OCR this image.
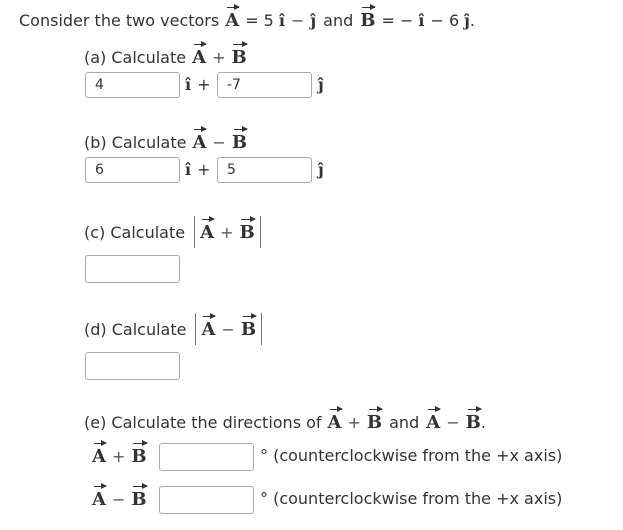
Consider the two vectors A = 5 î − ĵ and B = − î − 6 ĵ .
(a) Calculate A + B
4	î +	-7	ĵ
(b) Calculate A − B
6	î +	5	ĵ
(c) Calculate A + B
(d) Calculate A − B
(e) Calculate the directions of A + B and A − B .
A + B	° (counterclockwise from the +x axis)
A − B	° (counterclockwise from the +x axis)
